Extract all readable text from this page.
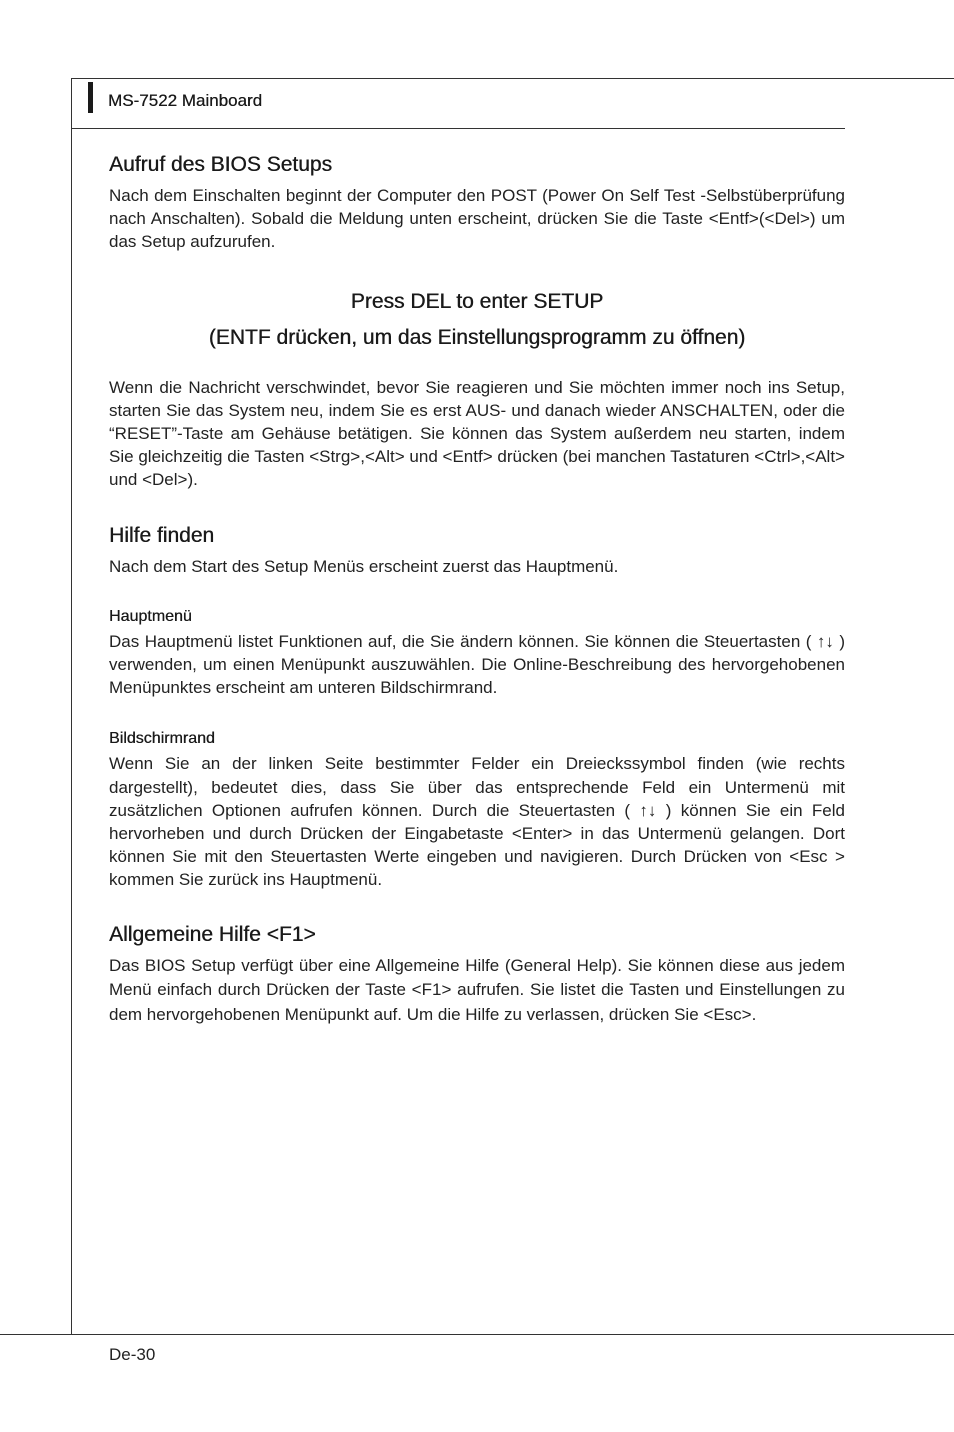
MS-7522 Mainboard
Aufruf des BIOS Setups

Nach dem Einschalten beginnt der Computer den POST (Power On Self Test -Selbstüberprüfung nach Anschalten). Sobald die Meldung unten erscheint, drücken Sie die Taste <Entf>(<Del>) um das Setup aufzurufen.

Press DEL to enter SETUP
(ENTF drücken, um das Einstellungsprogramm zu öffnen)

Wenn die Nachricht verschwindet, bevor Sie reagieren und Sie möchten immer noch ins Setup, starten Sie das System neu, indem Sie es erst AUS- und danach wieder ANSCHALTEN, oder die “RESET”-Taste am Gehäuse betätigen. Sie können das System außerdem neu starten, indem Sie gleichzeitig die Tasten <Strg>,<Alt> und <Entf> drücken (bei manchen Tastaturen <Ctrl>,<Alt> und <Del>).

Hilfe finden

Nach dem Start des Setup Menüs erscheint zuerst das Hauptmenü.

Hauptmenü

Das Hauptmenü listet Funktionen auf, die Sie ändern können. Sie können die Steuertasten ( ↑↓ ) verwenden, um einen Menüpunkt auszuwählen. Die Online-Beschreibung des hervorgehobenen Menüpunktes erscheint am unteren Bildschirmrand.

Bildschirmrand

Wenn Sie an der linken Seite bestimmter Felder ein Dreieckssymbol finden (wie rechts dargestellt), bedeutet dies, dass Sie über das entsprechende Feld ein Untermenü mit zusätzlichen Optionen aufrufen können. Durch die Steuertasten ( ↑↓ ) können Sie ein Feld hervorheben und durch Drücken der Eingabetaste <Enter> in das Untermenü gelangen. Dort können Sie mit den Steuertasten Werte eingeben und navigieren. Durch Drücken von <Esc > kommen Sie zurück ins Hauptmenü.

Allgemeine Hilfe <F1>

Das BIOS Setup verfügt über eine Allgemeine Hilfe (General Help). Sie können diese aus jedem Menü einfach durch Drücken der Taste <F1> aufrufen. Sie listet die Tasten und Einstellungen zu dem hervorgehobenen Menüpunkt auf. Um die Hilfe zu verlassen, drücken Sie <Esc>.

De-30
